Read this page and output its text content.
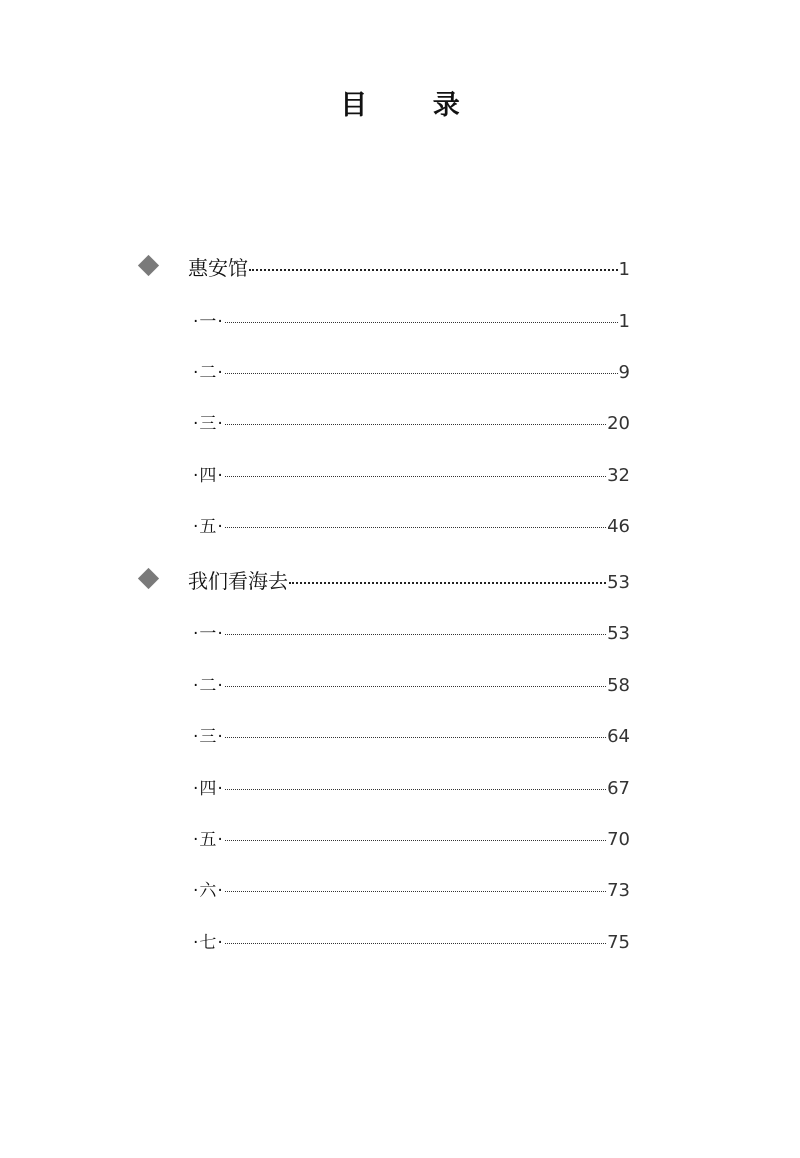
目 录
惠安馆	1
·一·	1
·二·	9
·三·	20
·四·	32
·五·	46
我们看海去	53
·一·	53
·二·	58
·三·	64
·四·	67
·五·	70
·六·	73
·七·	75
